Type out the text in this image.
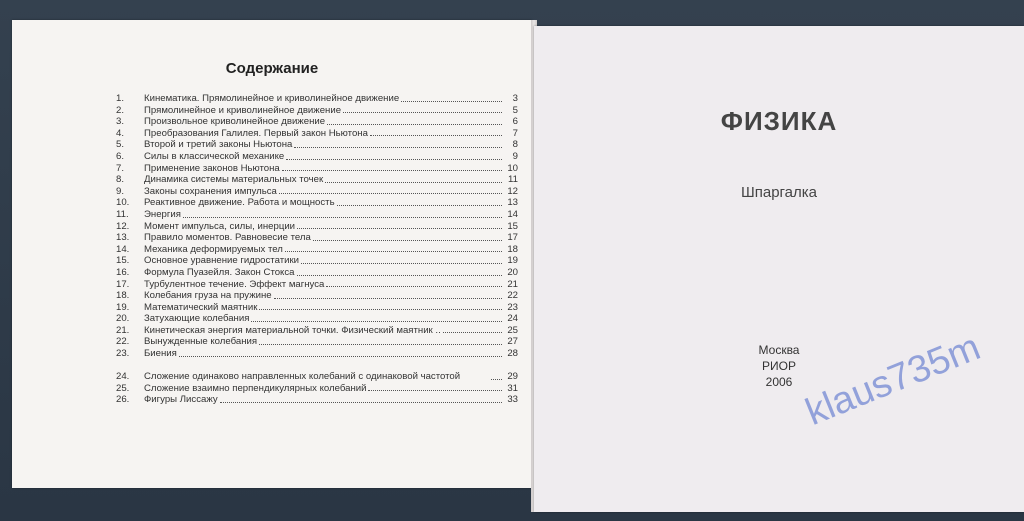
Содержание
1.	Кинематика. Прямолинейное и криволинейное движение	3
2.	Прямолинейное и криволинейное движение	5
3.	Произвольное криволинейное движение	6
4.	Преобразования Галилея. Первый закон Ньютона	7
5.	Второй и третий законы Ньютона	8
6.	Силы в классической механике	9
7.	Применение законов Ньютона	10
8.	Динамика системы материальных точек	11
9.	Законы сохранения импульса	12
10.	Реактивное движение. Работа и мощность	13
11.	Энергия	14
12.	Момент импульса, силы, инерции	15
13.	Правило моментов. Равновесие тела	17
14.	Механика деформируемых тел	18
15.	Основное уравнение гидростатики	19
16.	Формула Пуазейля. Закон Стокса	20
17.	Турбулентное течение. Эффект магнуса	21
18.	Колебания груза на пружине	22
19.	Математический маятник	23
20.	Затухающие колебания	24
21.	Кинетическая энергия материальной точки. Физический маятник ..	25
22.	Вынужденные колебания	27
23.	Биения	28
24.	Сложение одинаково направленных колебаний с одинаковой частотой	29
25.	Сложение взаимно перпендикулярных колебаний	31
26.	Фигуры Лиссажу	33
ФИЗИКА
Шпаргалка
Москва
РИОР
2006 klaus735m
